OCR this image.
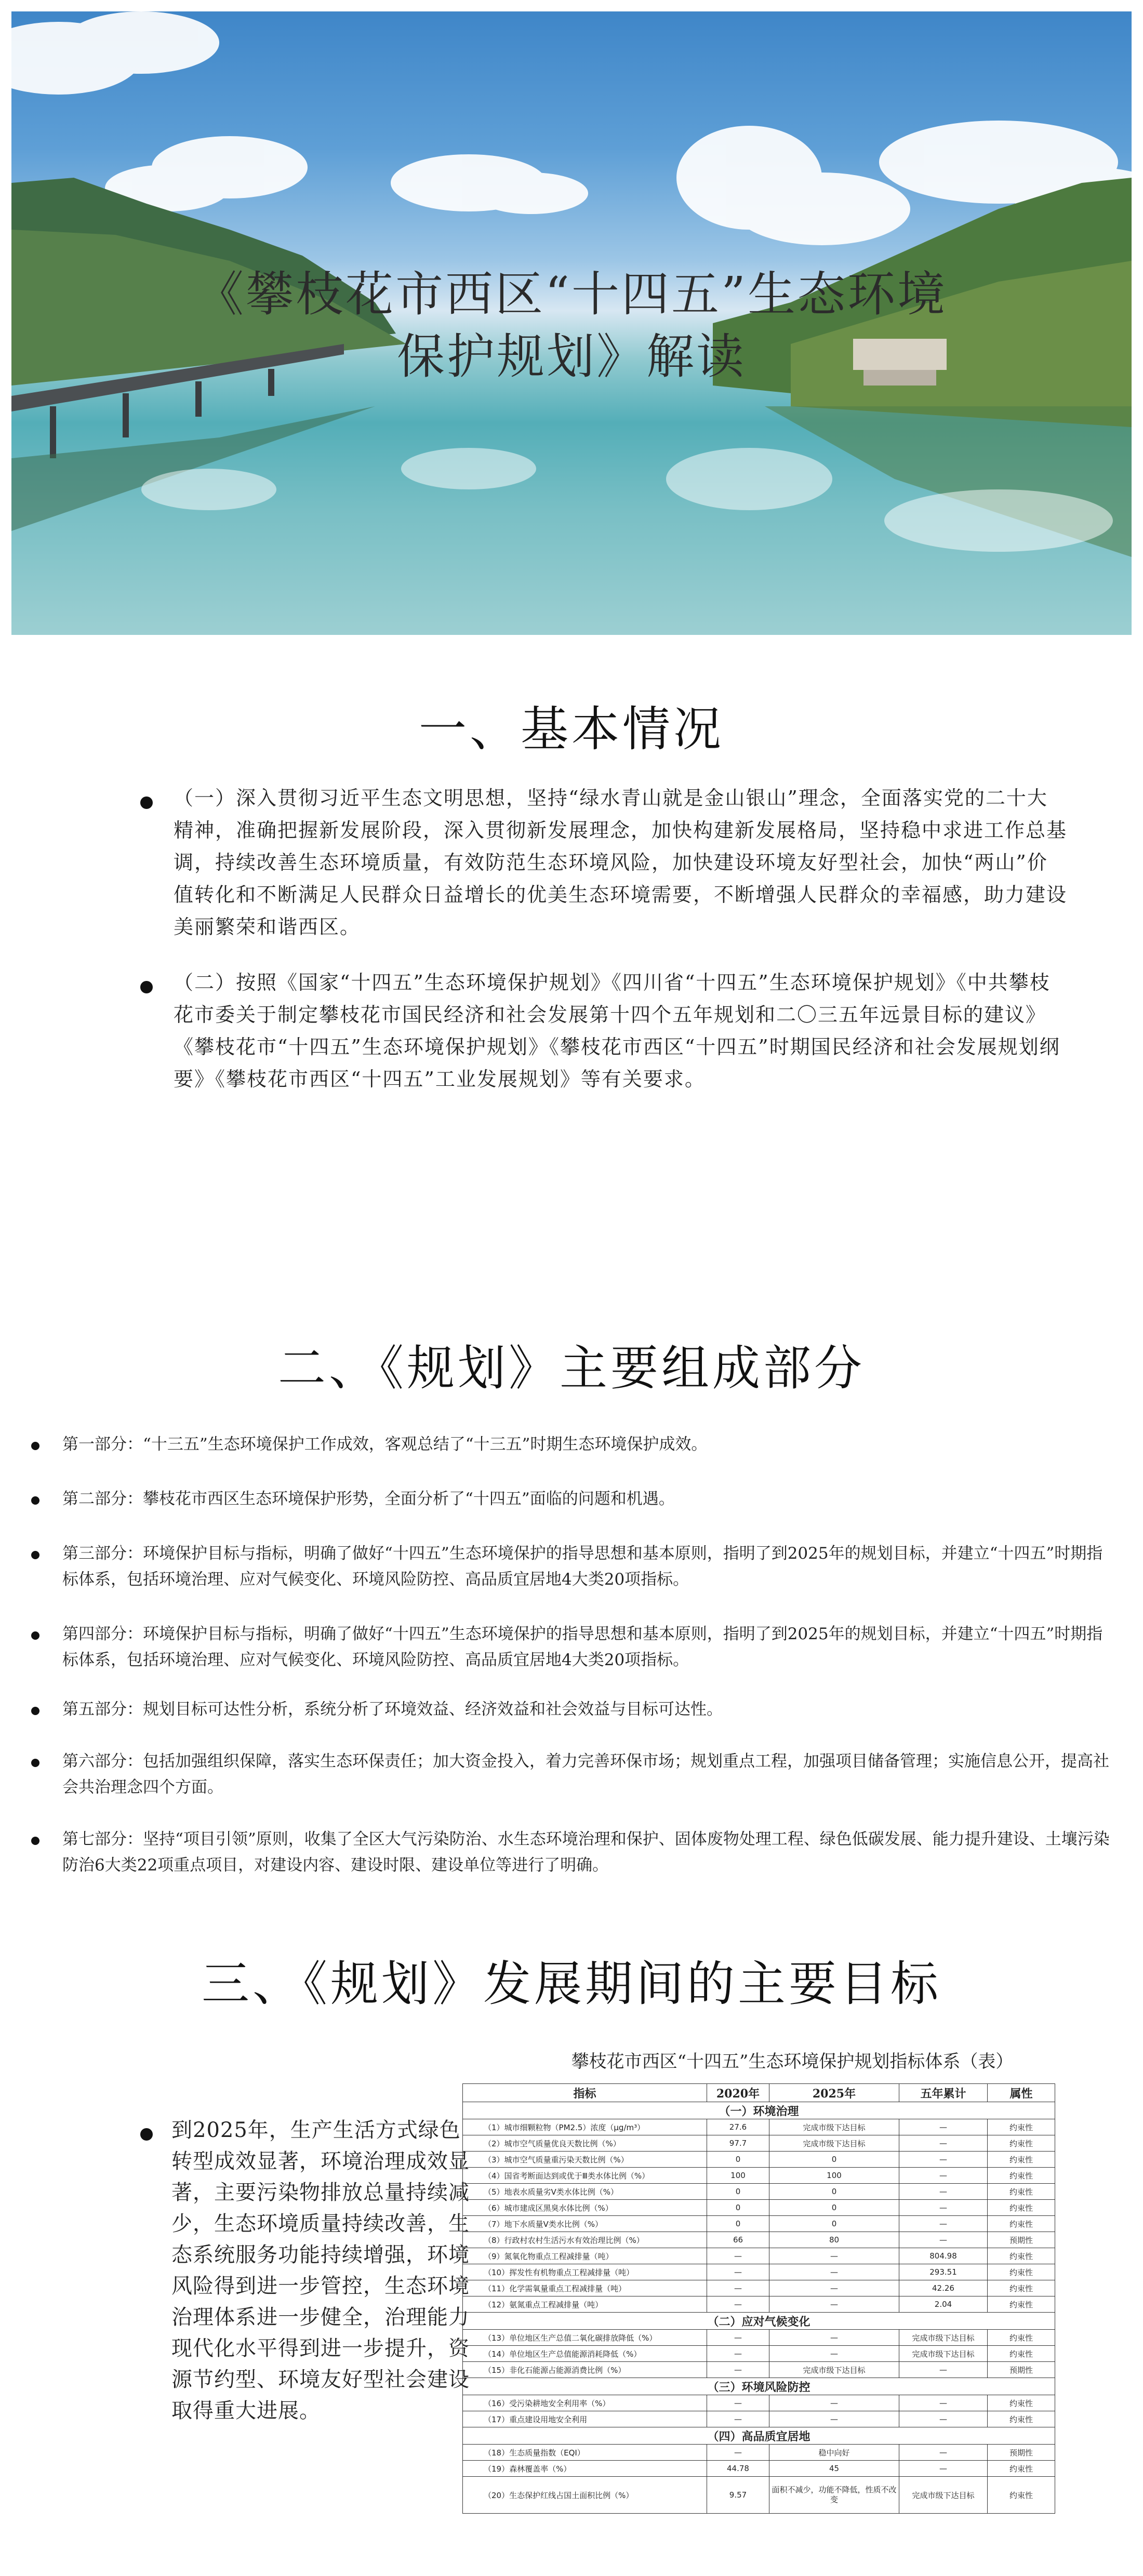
《攀枝花市西区“十四五”生态环境
保护规划》解读
一、基本情况
（一）深入贯彻习近平生态文明思想，坚持“绿水青山就是金山银山”理念，全面落实党的二十大精神，准确把握新发展阶段，深入贯彻新发展理念，加快构建新发展格局，坚持稳中求进工作总基调，持续改善生态环境质量，有效防范生态环境风险，加快建设环境友好型社会，加快“两山”价值转化和不断满足人民群众日益增长的优美生态环境需要，不断增强人民群众的幸福感，助力建设美丽繁荣和谐西区。
（二）按照《国家“十四五”生态环境保护规划》《四川省“十四五”生态环境保护规划》《中共攀枝花市委关于制定攀枝花市国民经济和社会发展第十四个五年规划和二〇三五年远景目标的建议》《攀枝花市“十四五”生态环境保护规划》《攀枝花市西区“十四五”时期国民经济和社会发展规划纲要》《攀枝花市西区“十四五”工业发展规划》等有关要求。
二、《规划》主要组成部分
第一部分：“十三五”生态环境保护工作成效，客观总结了“十三五”时期生态环境保护成效。
第二部分：攀枝花市西区生态环境保护形势，全面分析了“十四五”面临的问题和机遇。
第三部分：环境保护目标与指标，明确了做好“十四五”生态环境保护的指导思想和基本原则，指明了到2025年的规划目标，并建立“十四五”时期指标体系，包括环境治理、应对气候变化、环境风险防控、高品质宜居地4大类20项指标。
第四部分：环境保护目标与指标，明确了做好“十四五”生态环境保护的指导思想和基本原则，指明了到2025年的规划目标，并建立“十四五”时期指标体系，包括环境治理、应对气候变化、环境风险防控、高品质宜居地4大类20项指标。
第五部分：规划目标可达性分析，系统分析了环境效益、经济效益和社会效益与目标可达性。
第六部分：包括加强组织保障，落实生态环保责任；加大资金投入，着力完善环保市场；规划重点工程，加强项目储备管理；实施信息公开，提高社会共治理念四个方面。
第七部分：坚持“项目引领”原则，收集了全区大气污染防治、水生态环境治理和保护、固体废物处理工程、绿色低碳发展、能力提升建设、土壤污染防治6大类22项重点项目，对建设内容、建设时限、建设单位等进行了明确。
三、《规划》发展期间的主要目标
到2025年，生产生活方式绿色转型成效显著，环境治理成效显著，主要污染物排放总量持续减少，生态环境质量持续改善，生态系统服务功能持续增强，环境风险得到进一步管控，生态环境治理体系进一步健全，治理能力现代化水平得到进一步提升，资源节约型、环境友好型社会建设取得重大进展。
攀枝花市西区“十四五”生态环境保护规划指标体系（表）
指标	2020年	2025年	五年累计	属性
（一）环境治理				
（1）城市细颗粒物（PM2.5）浓度（μg/m³）	27.6	完成市级下达目标	—	约束性
（2）城市空气质量优良天数比例（%）	97.7	完成市级下达目标	—	约束性
（3）城市空气质量重污染天数比例（%）	0	0	—	约束性
（4）国省考断面达到或优于Ⅲ类水体比例（%）	100	100	—	约束性
（5）地表水质量劣Ⅴ类水体比例（%）	0	0	—	约束性
（6）城市建成区黑臭水体比例（%）	0	0	—	约束性
（7）地下水质量Ⅴ类水比例（%）	0	0	—	约束性
（8）行政村农村生活污水有效治理比例（%）	66	80	—	预期性
（9）氮氧化物重点工程减排量（吨）	—	—	804.98	约束性
（10）挥发性有机物重点工程减排量（吨）	—	—	293.51	约束性
（11）化学需氧量重点工程减排量（吨）	—	—	42.26	约束性
（12）氨氮重点工程减排量（吨）	—	—	2.04	约束性
（二）应对气候变化				
（13）单位地区生产总值二氧化碳排放降低（%）	—	—	完成市级下达目标	约束性
（14）单位地区生产总值能源消耗降低（%）	—	—	完成市级下达目标	约束性
（15）非化石能源占能源消费比例（%）	—	完成市级下达目标	—	预期性
（三）环境风险防控				
（16）受污染耕地安全利用率（%）	—	—	—	约束性
（17）重点建设用地安全利用	—	—	—	约束性
（四）高品质宜居地				
（18）生态质量指数（EQI）	—	稳中向好	—	预期性
（19）森林覆盖率（%）	44.78	45	—	约束性
（20）生态保护红线占国土面积比例（%）	9.57	面积不减少，功能不降低，性质不改变	完成市级下达目标	约束性
